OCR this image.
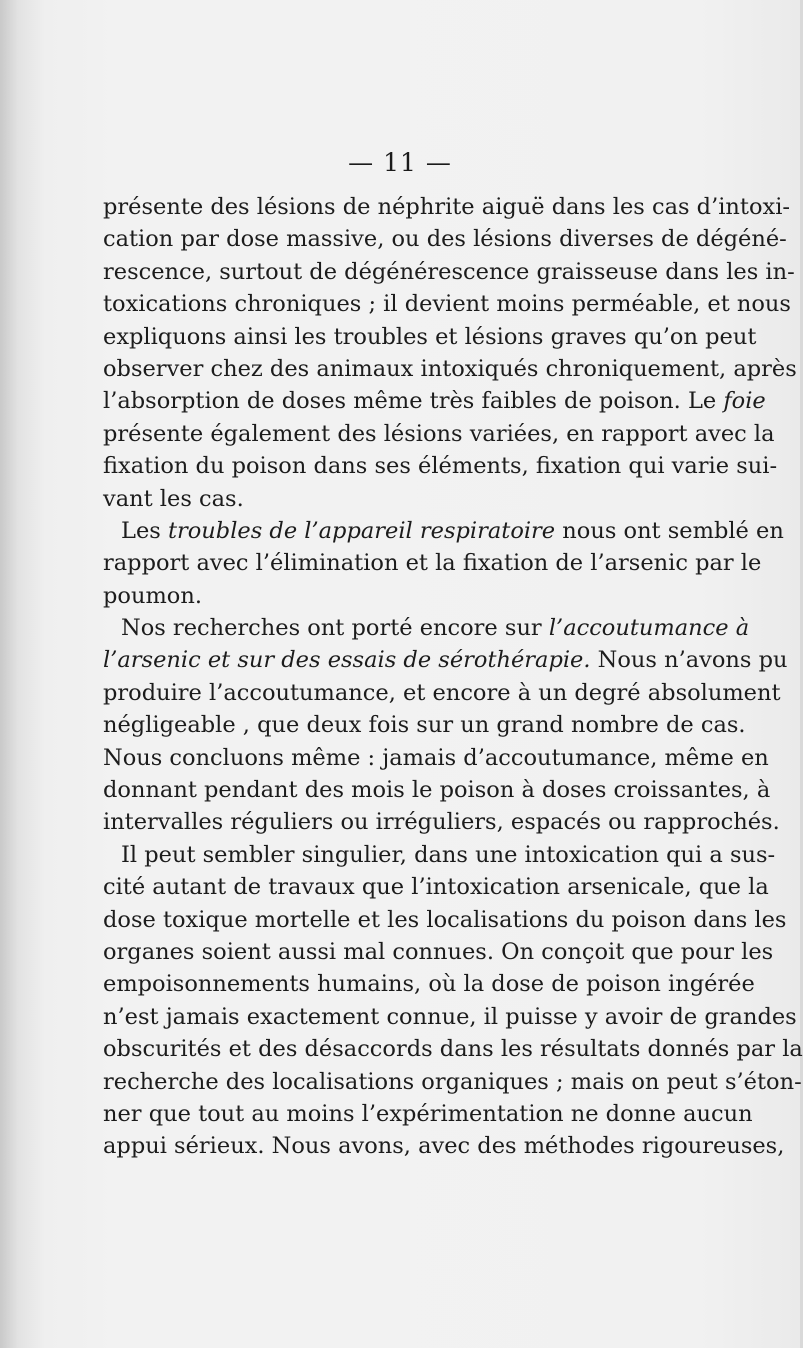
— 11 —
présente des lésions de néphrite aiguë dans les cas d’intoxi-
cation par dose massive, ou des lésions diverses de dégéné-
rescence, surtout de dégénérescence graisseuse dans les in-
toxications chroniques ; il devient moins perméable, et nous
expliquons ainsi les troubles et lésions graves qu’on peut
observer chez des animaux intoxiqués chroniquement, après
l’absorption de doses même très faibles de poison. Le foie
présente également des lésions variées, en rapport avec la
fixation du poison dans ses éléments, fixation qui varie sui-
vant les cas.
Les troubles de l’appareil respiratoire nous ont semblé en
rapport avec l’élimination et la fixation de l’arsenic par le
poumon.
Nos recherches ont porté encore sur l’accoutumance à
l’arsenic et sur des essais de sérothérapie. Nous n’avons pu
produire l’accoutumance, et encore à un degré absolument
négligeable , que deux fois sur un grand nombre de cas.
Nous concluons même : jamais d’accoutumance, même en
donnant pendant des mois le poison à doses croissantes, à
intervalles réguliers ou irréguliers, espacés ou rapprochés.
Il peut sembler singulier, dans une intoxication qui a sus-
cité autant de travaux que l’intoxication arsenicale, que la
dose toxique mortelle et les localisations du poison dans les
organes soient aussi mal connues. On conçoit que pour les
empoisonnements humains, où la dose de poison ingérée
n’est jamais exactement connue, il puisse y avoir de grandes
obscurités et des désaccords dans les résultats donnés par la
recherche des localisations organiques ; mais on peut s’éton-
ner que tout au moins l’expérimentation ne donne aucun
appui sérieux. Nous avons, avec des méthodes rigoureuses,
